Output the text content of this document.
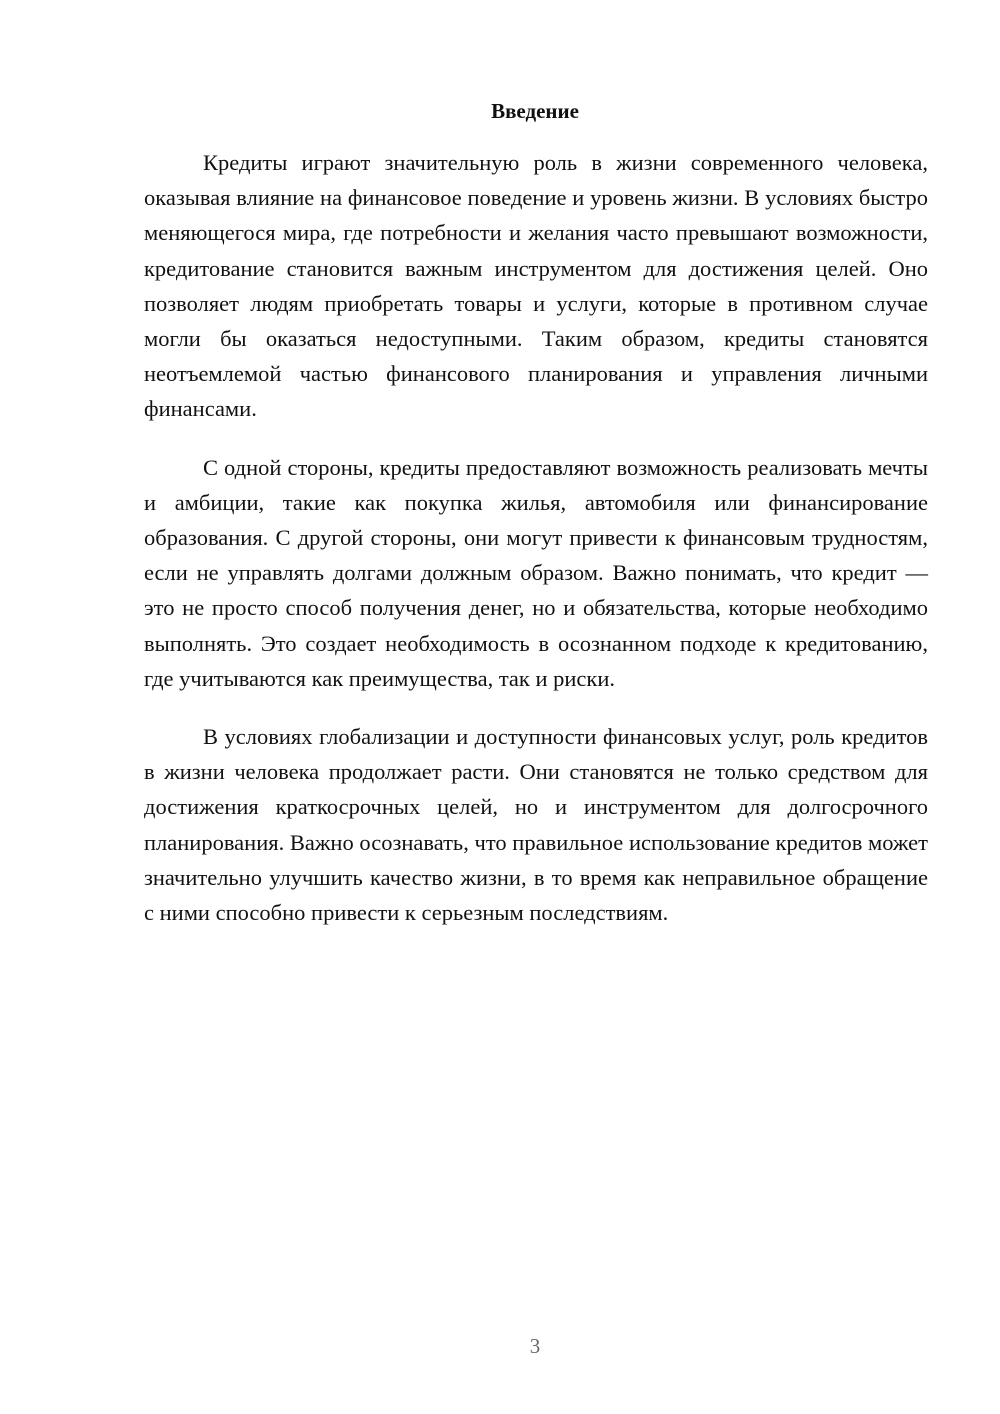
Введение

Кредиты играют значительную роль в жизни современного человека, оказывая влияние на финансовое поведение и уровень жизни. В условиях быстро меняющегося мира, где потребности и желания часто превышают возможности, кредитование становится важным инструментом для достижения целей. Оно позволяет людям приобретать товары и услуги, которые в противном случае могли бы оказаться недоступными. Таким образом, кредиты становятся неотъемлемой частью финансового планирования и управления личными финансами.

С одной стороны, кредиты предоставляют возможность реализовать мечты и амбиции, такие как покупка жилья, автомобиля или финансирование образования. С другой стороны, они могут привести к финансовым трудностям, если не управлять долгами должным образом. Важно понимать, что кредит — это не просто способ получения денег, но и обязательства, которые необходимо выполнять. Это создает необходимость в осознанном подходе к кредитованию, где учитываются как преимущества, так и риски.

В условиях глобализации и доступности финансовых услуг, роль кредитов в жизни человека продолжает расти. Они становятся не только средством для достижения краткосрочных целей, но и инструментом для долгосрочного планирования. Важно осознавать, что правильное использование кредитов может значительно улучшить качество жизни, в то время как неправильное обращение с ними способно привести к серьезным последствиям.

3
